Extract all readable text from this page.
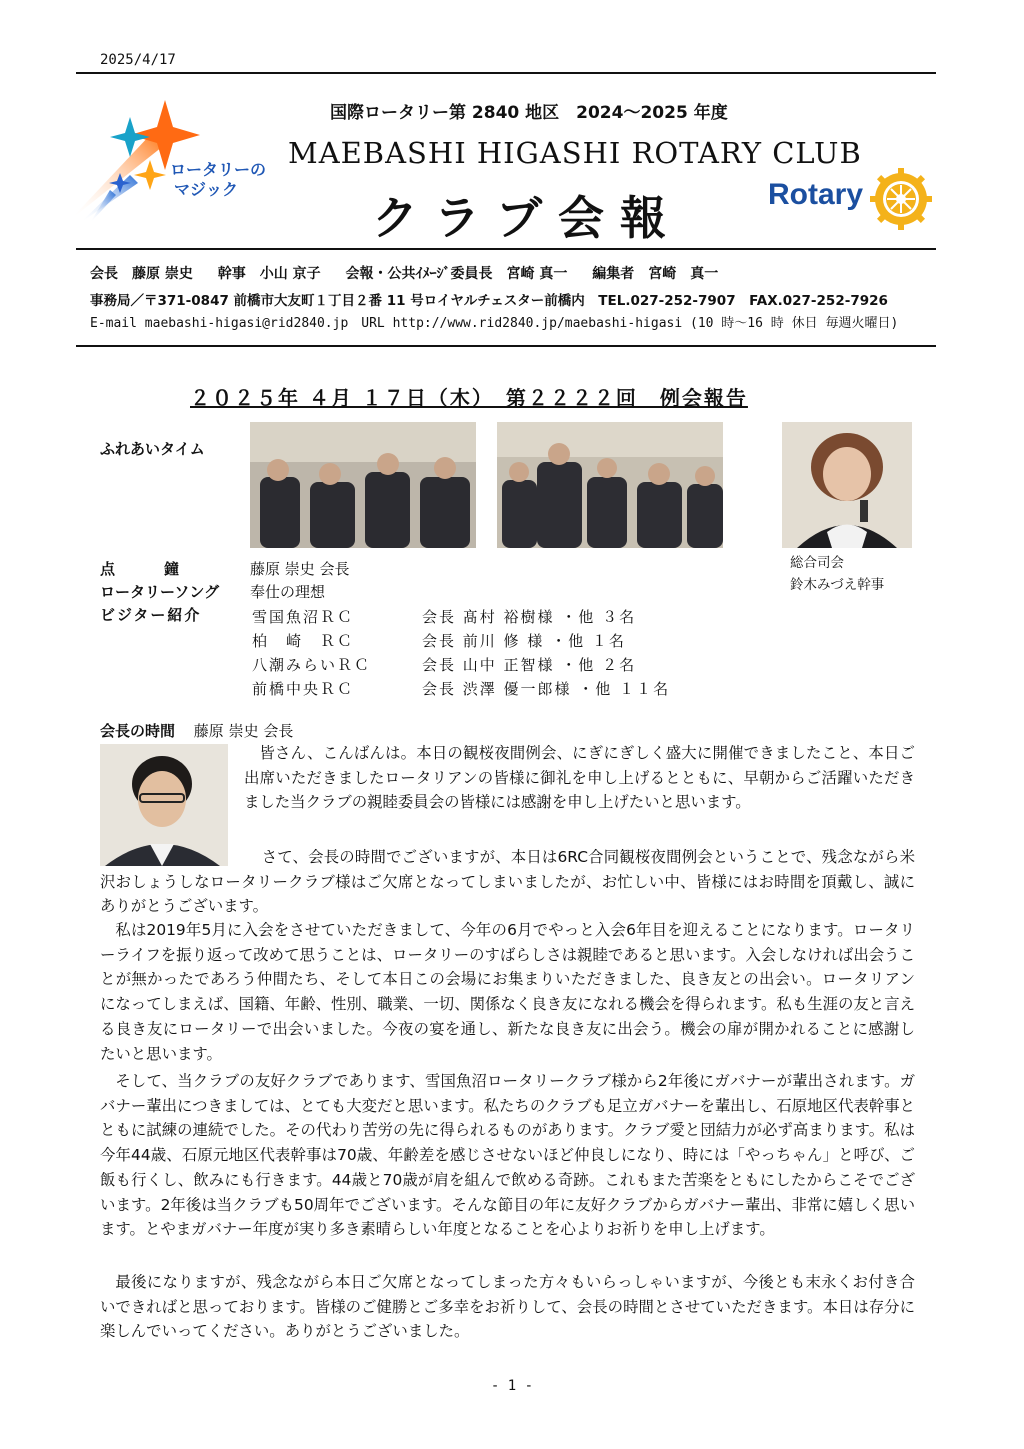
2025/4/17
ロータリーの
マジック
国際ロータリー第 2840 地区　2024～2025 年度
MAEBASHI HIGASHI ROTARY CLUB
クラブ会報	Rotary
会長　藤原 崇史 幹事　小山 京子 会報・公共ｲﾒｰｼﾞ委員長　宮崎 真一 編集者　宮崎　真一
事務局／〒371-0847 前橋市大友町１丁目２番 11 号ロイヤルチェスター前橋内　TEL.027-252-7907　FAX.027-252-7926
E-mail maebashi-higasi@rid2840.jp　URL http://www.rid2840.jp/maebashi-higasi (10 時～16 時 休日 毎週火曜日)
２０２５年 ４月 １７日（木）　第２２２２回　例会報告
ふれあいタイム
総合司会
鈴木みづえ幹事
点　　　鐘	藤原 崇史 会長
ロータリーソング 奉仕の理想
ビジター紹介	雪国魚沼ＲＣ	会長 髙村 裕樹様 ・他 ３名
柏　崎　ＲＣ	会長 前川 修 様 ・他 １名
八潮みらいＲＣ	会長 山中 正智様 ・他 ２名
前橋中央ＲＣ	会長 渋澤 優一郎様 ・他 １１名
会長の時間 藤原 崇史 会長
皆さん、こんばんは。本日の観桜夜間例会、にぎにぎしく盛大に開催できましたこと、本日ご出席いただきましたロータリアンの皆様に御礼を申し上げるとともに、早朝からご活躍いただきました当クラブの親睦委員会の皆様には感謝を申し上げたいと思います。
さて、会長の時間でございますが、本日は6RC合同観桜夜間例会ということで、残念ながら米沢おしょうしなロータリークラブ様はご欠席となってしまいましたが、お忙しい中、皆様にはお時間を頂戴し、誠にありがとうございます。
私は2019年5月に入会をさせていただきまして、今年の6月でやっと入会6年目を迎えることになります。ロータリーライフを振り返って改めて思うことは、ロータリーのすばらしさは親睦であると思います。入会しなければ出会うことが無かったであろう仲間たち、そして本日この会場にお集まりいただきました、良き友との出会い。ロータリアンになってしまえば、国籍、年齢、性別、職業、一切、関係なく良き友になれる機会を得られます。私も生涯の友と言える良き友にロータリーで出会いました。今夜の宴を通し、新たな良き友に出会う。機会の扉が開かれることに感謝したいと思います。
そして、当クラブの友好クラブであります、雪国魚沼ロータリークラブ様から2年後にガバナーが輩出されます。ガバナー輩出につきましては、とても大変だと思います。私たちのクラブも足立ガバナーを輩出し、石原地区代表幹事とともに試練の連続でした。その代わり苦労の先に得られるものがあります。クラブ愛と団結力が必ず高まります。私は今年44歳、石原元地区代表幹事は70歳、年齢差を感じさせないほど仲良しになり、時には「やっちゃん」と呼び、ご飯も行くし、飲みにも行きます。44歳と70歳が肩を組んで飲める奇跡。これもまた苦楽をともにしたからこそでございます。2年後は当クラブも50周年でございます。そんな節目の年に友好クラブからガバナー輩出、非常に嬉しく思います。とやまガバナー年度が実り多き素晴らしい年度となることを心よりお祈りを申し上げます。
最後になりますが、残念ながら本日ご欠席となってしまった方々もいらっしゃいますが、今後とも末永くお付き合いできればと思っております。皆様のご健勝とご多幸をお祈りして、会長の時間とさせていただきます。本日は存分に楽しんでいってください。ありがとうございました。
- 1 -
